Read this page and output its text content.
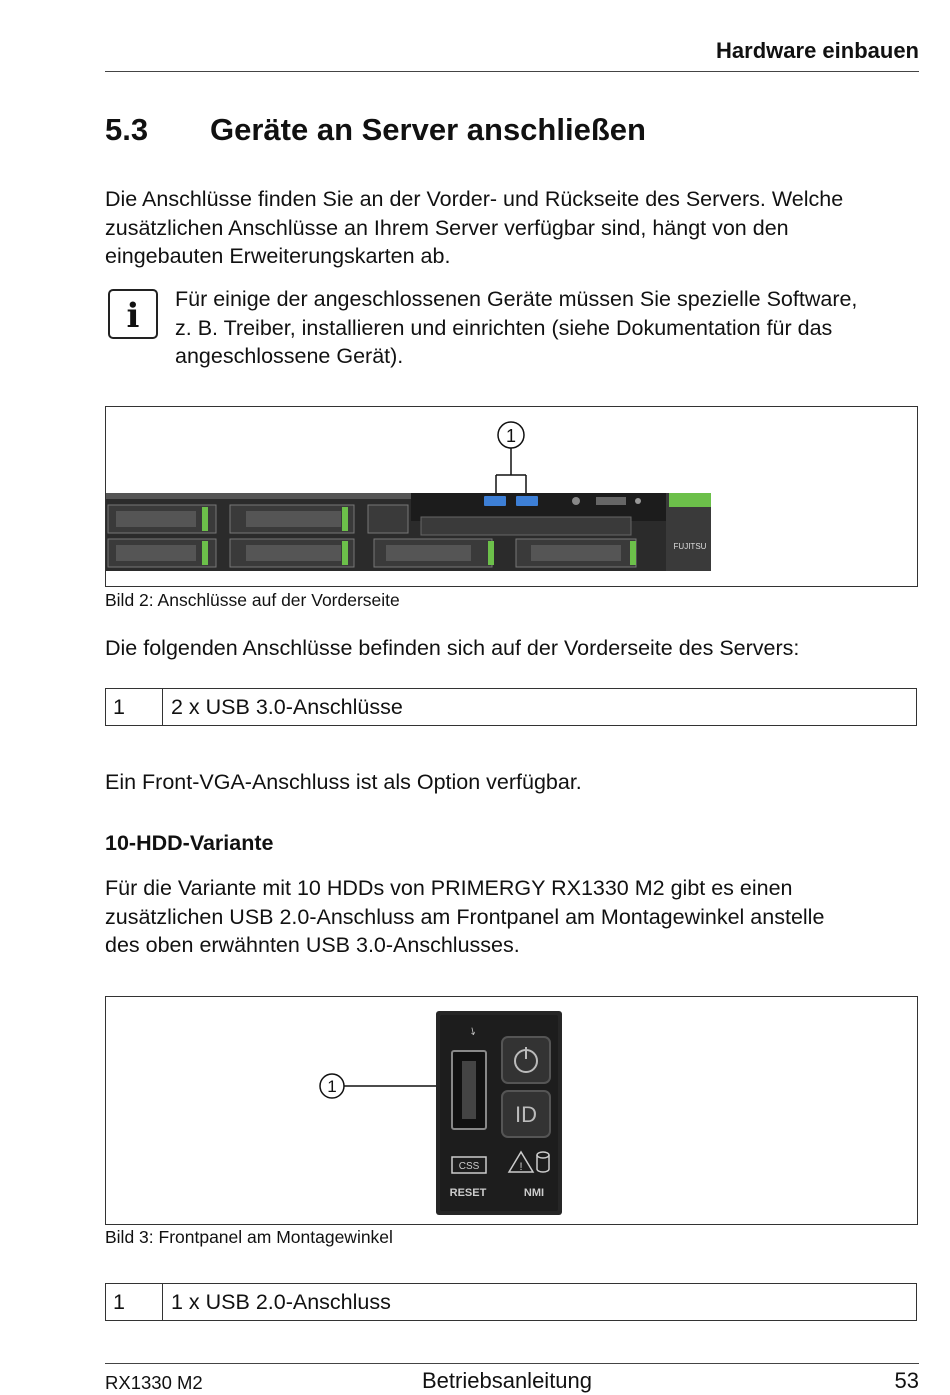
Hardware einbauen
5.3 Geräte an Server anschließen
Die Anschlüsse finden Sie an der Vorder- und Rückseite des Servers. Welche
zusätzlichen Anschlüsse an Ihrem Server verfügbar sind, hängt von den
eingebauten Erweiterungskarten ab.
i	Für einige der angeschlossenen Geräte müssen Sie spezielle Software,
z. B. Treiber, installieren und einrichten (siehe Dokumentation für das
angeschlossene Gerät).
1
FUJITSU
Bild 2: Anschlüsse auf der Vorderseite
Die folgenden Anschlüsse befinden sich auf der Vorderseite des Servers:
1	2 x USB 3.0-Anschlüsse
Ein Front-VGA-Anschluss ist als Option verfügbar.
10-HDD-Variante
Für die Variante mit 10 HDDs von PRIMERGY RX1330 M2 gibt es einen
zusätzlichen USB 2.0-Anschluss am Frontpanel am Montagewinkel anstelle
des oben erwähnten USB 3.0-Anschlusses.
1
⭏
ID
CSS	!
RESET	NMI
Bild 3: Frontpanel am Montagewinkel
1	1 x USB 2.0-Anschluss
RX1330 M2	Betriebsanleitung	53
